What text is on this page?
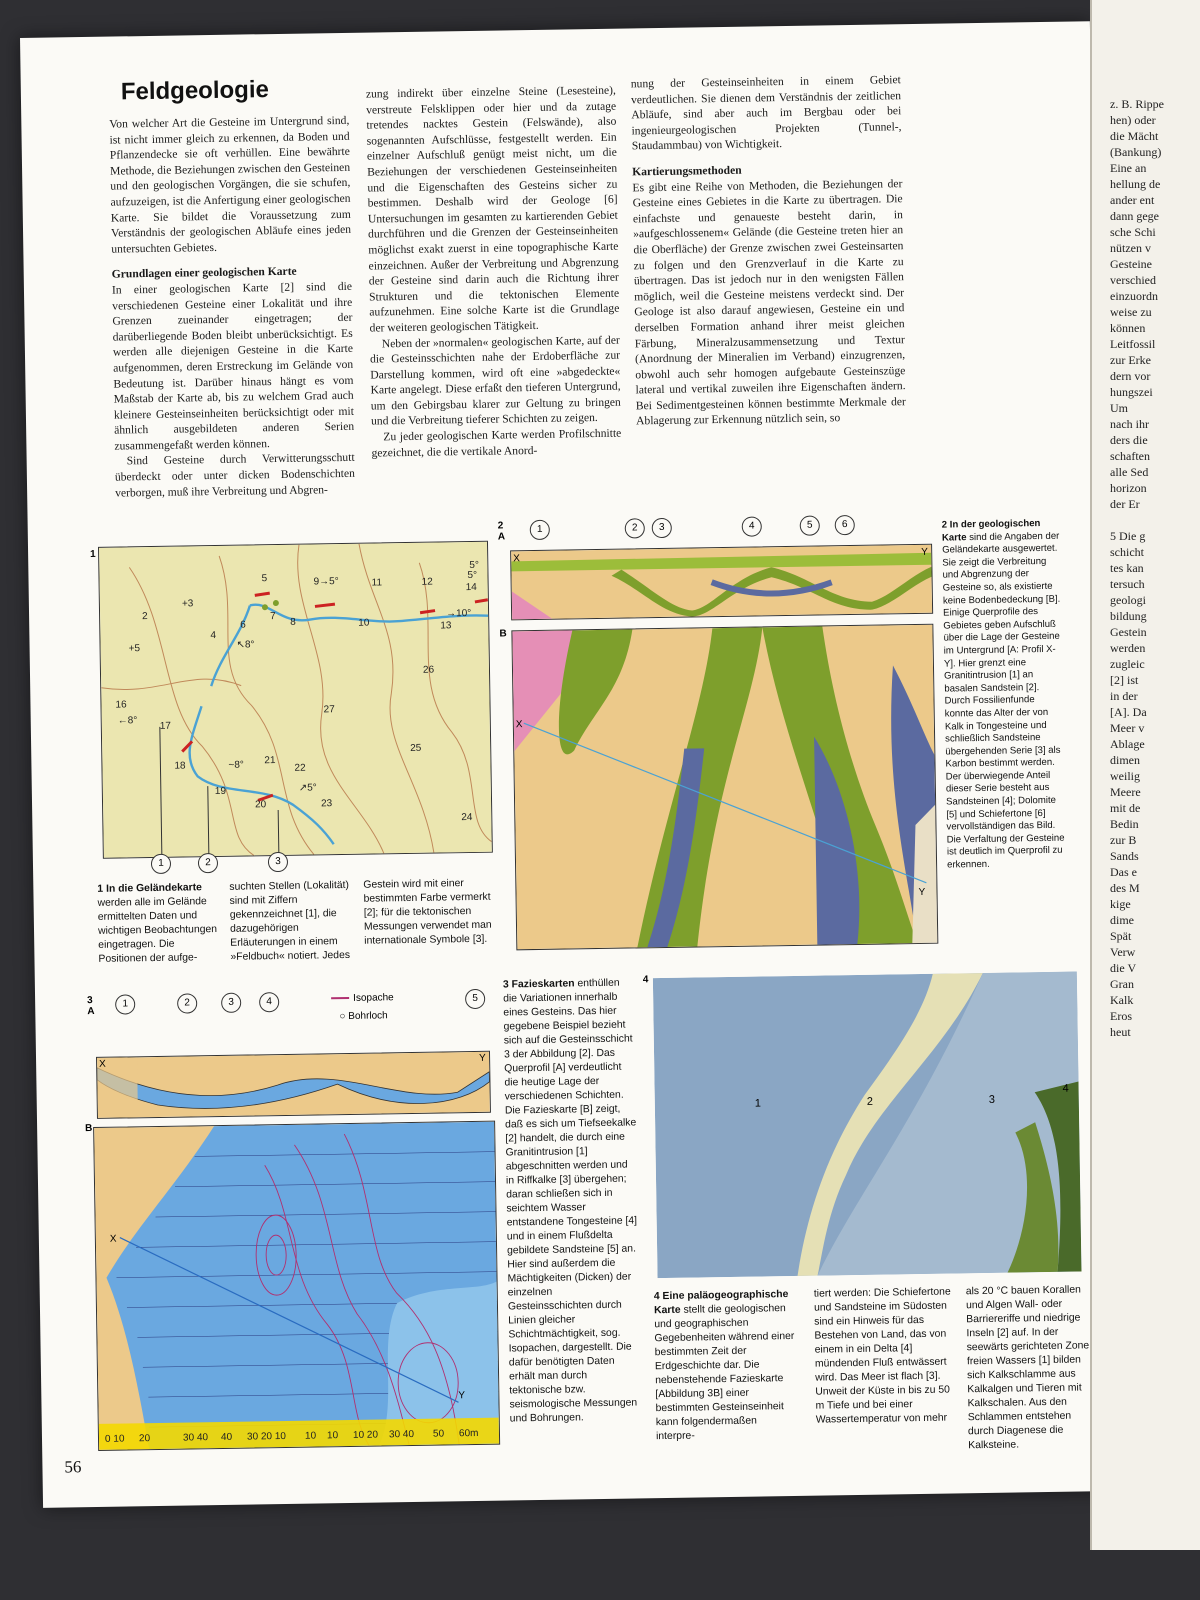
Feldgeologie

Von welcher Art die Gesteine im Untergrund sind, ist nicht immer gleich zu erkennen, da Boden und Pflanzendecke sie oft verhüllen. Eine bewährte Methode, die Beziehungen zwischen den Gesteinen und den geologischen Vorgängen, die sie schufen, aufzuzeigen, ist die Anfertigung einer geologischen Karte. Sie bildet die Voraussetzung zum Verständnis der geologischen Abläufe eines jeden untersuchten Gebietes.

Grundlagen einer geologischen Karte

In einer geologischen Karte [2] sind die verschiedenen Gesteine einer Lokalität und ihre Grenzen zueinander eingetragen; der darüberliegende Boden bleibt unberücksichtigt. Es werden alle diejenigen Gesteine in die Karte aufgenommen, deren Erstreckung im Gelände von Bedeutung ist. Darüber hinaus hängt es vom Maßstab der Karte ab, bis zu welchem Grad auch kleinere Gesteinseinheiten berücksichtigt oder mit ähnlich ausgebildeten anderen Serien zusammengefaßt werden können.

Sind Gesteine durch Verwitterungsschutt überdeckt oder unter dicken Bodenschichten verborgen, muß ihre Verbreitung und Abgren-

zung indirekt über einzelne Steine (Lesesteine), verstreute Felsklippen oder hier und da zutage tretendes nacktes Gestein (Felswände), also sogenannten Aufschlüsse, festgestellt werden. Ein einzelner Aufschluß genügt meist nicht, um die Beziehungen der verschiedenen Gesteinseinheiten und die Eigenschaften des Gesteins sicher zu bestimmen. Deshalb wird der Geologe [6] Untersuchungen im gesamten zu kartierenden Gebiet durchführen und die Grenzen der Gesteinseinheiten möglichst exakt zuerst in eine topographische Karte einzeichnen. Außer der Verbreitung und Abgrenzung der Gesteine sind darin auch die Richtung ihrer Strukturen und die tektonischen Elemente aufzunehmen. Eine solche Karte ist die Grundlage der weiteren geologischen Tätigkeit.

Neben der »normalen« geologischen Karte, auf der die Gesteinsschichten nahe der Erdoberfläche zur Darstellung kommen, wird oft eine »abgedeckte« Karte angelegt. Diese erfaßt den tieferen Untergrund, um den Gebirgsbau klarer zur Geltung zu bringen und die Verbreitung tieferer Schichten zu zeigen.

Zu jeder geologischen Karte werden Profilschnitte gezeichnet, die die vertikale Anord-

nung der Gesteinseinheiten in einem Gebiet verdeutlichen. Sie dienen dem Verständnis der zeitlichen Abläufe, sind aber auch im Bergbau oder bei ingenieurgeologischen Projekten (Tunnel-, Staudammbau) von Wichtigkeit.

Kartierungsmethoden

Es gibt eine Reihe von Methoden, die Beziehungen der Gesteine eines Gebietes in die Karte zu übertragen. Die einfachste und genaueste besteht darin, in »aufgeschlossenem« Gelände (die Gesteine treten hier an die Oberfläche) der Grenze zwischen zwei Gesteinsarten zu folgen und den Grenzverlauf in die Karte zu übertragen. Das ist jedoch nur in den wenigsten Fällen möglich, weil die Gesteine meistens verdeckt sind. Der Geologe ist also darauf angewiesen, Gesteine ein und derselben Formation anhand ihrer meist gleichen Färbung, Mineralzusammensetzung und Textur (Anordnung der Mineralien im Verband) einzugrenzen, obwohl auch sehr homogen aufgebaute Gesteinszüge lateral und vertikal zuweilen ihre Eigenschaften ändern. Bei Sedimentgesteinen können bestimmte Merkmale der Ablagerung zur Erkennung nützlich sein, so

1
5
+3
2
4
+5
16
17
18
19
20
21
22
23
24
25
26
27
6
7
8
9→5°
10
11	12
13
14
5°
→10°
~8°
↖8°
←8°
↗5°
5°
1	2	3
1 In die Geländekarte werden alle im Gelände ermittelten Daten und wichtigen Beobachtungen eingetragen. Die Positionen der aufge-
suchten Stellen (Lokalität) sind mit Ziffern gekennzeichnet [1], die dazugehörigen Erläuterungen in einem »Feldbuch« notiert. Jedes
Gestein wird mit einer bestimmten Farbe vermerkt [2]; für die tektonischen Messungen verwendet man internationale Symbole [3].
2
A
1	2	3	4	5	6
X
Y
B
X
Y
2 In der geologischen Karte sind die Angaben der Geländekarte ausgewertet. Sie zeigt die Verbreitung und Abgrenzung der Gesteine so, als existierte keine Bodenbedeckung [B]. Einige Querprofile des Gebietes geben Aufschluß über die Lage der Gesteine im Untergrund [A: Profil X-Y]. Hier grenzt eine Granitintrusion [1] an basalen Sandstein [2]. Durch Fossilienfunde konnte das Alter der von Kalk in Tongesteine und schließlich Sandsteine übergehenden Serie [3] als Karbon bestimmt werden. Der überwiegende Anteil dieser Serie besteht aus Sandsteinen [4]; Dolomite [5] und Schiefertone [6] vervollständigen das Bild. Die Verfaltung der Gesteine ist deutlich im Querprofil zu erkennen.
3
A
1	2	3	4	5
Isopache
○ Bohrloch
X
Y
B
X
Y
0 10 20	30 40 40 30 20 10 10 10 10 20 30 40 50 60m
3 Fazieskarten enthüllen die Variationen innerhalb eines Gesteins. Das hier gegebene Beispiel bezieht sich auf die Gesteinsschicht 3 der Abbildung [2]. Das Querprofil [A] verdeutlicht die heutige Lage der verschiedenen Schichten. Die Fazieskarte [B] zeigt, daß es sich um Tiefseekalke [2] handelt, die durch eine Granitintrusion [1] abgeschnitten werden und in Riffkalke [3] übergehen; daran schließen sich in seichtem Wasser entstandene Tongesteine [4] und in einem Flußdelta gebildete Sandsteine [5] an. Hier sind außerdem die Mächtigkeiten (Dicken) der einzelnen Gesteinsschichten durch Linien gleicher Schichtmächtigkeit, sog. Isopachen, dargestellt. Die dafür benötigten Daten erhält man durch tektonische bzw. seismologische Messungen und Bohrungen.
4
1	2	3
4
4 Eine paläogeographische Karte stellt die geologischen und geographischen Gegebenheiten während einer bestimmten Zeit der Erdgeschichte dar. Die nebenstehende Fazieskarte [Abbildung 3B] einer bestimmten Gesteinseinheit kann folgendermaßen interpre-
tiert werden: Die Schiefertone und Sandsteine im Südosten sind ein Hinweis für das Bestehen von Land, das von einem in ein Delta [4] mündenden Fluß entwässert wird. Das Meer ist flach [3]. Unweit der Küste in bis zu 50 m Tiefe und bei einer Wassertemperatur von mehr
als 20 °C bauen Korallen und Algen Wall- oder Barriereriffe und niedrige Inseln [2] auf. In der seewärts gerichteten Zone freien Wassers [1] bilden sich Kalkschlamme aus Kalkalgen und Tieren mit Kalkschalen. Aus den Schlammen entstehen durch Diagenese die Kalksteine.
56
z. B. Rippe
hen) oder
die Mächt
(Bankung)
Eine an
hellung de
ander ent
dann gege
sche Schi
nützen v
Gesteine
verschied
einzuordn
weise zu
können
Leitfossil
zur Erke
dern vor
hungszei
Um
nach ihr
ders die
schaften
alle Sed
horizon
der Er

5 Die g
schicht
tes kan
tersuch
geologi
bildung
Gestein
werden
zugleic
[2] ist
in der
[A]. Da
Meer v
Ablage
dimen
weilig
Meere
mit de
Bedin
zur B
Sands
Das e
des M
kige
dime
Spät
Verw
die V
Gran
Kalk
Eros
heut
